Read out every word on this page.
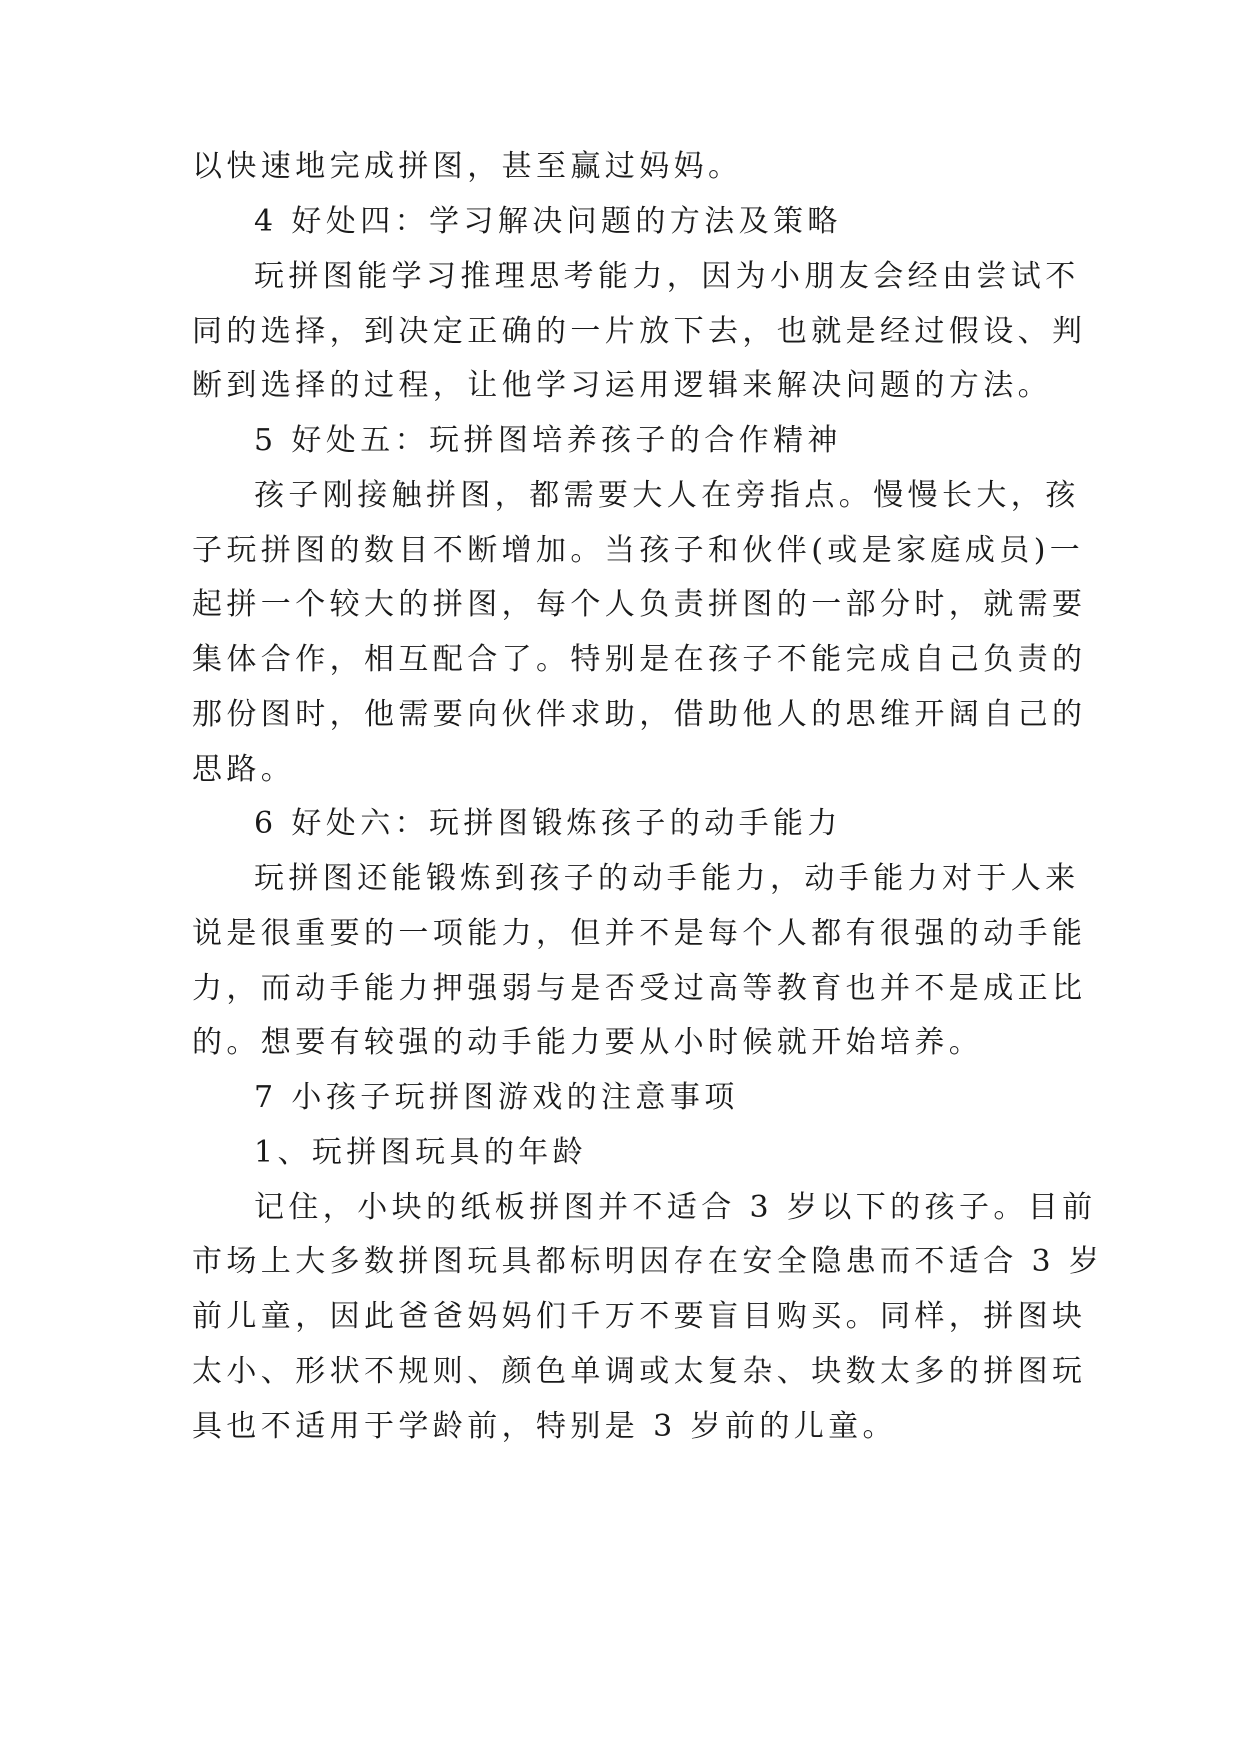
以快速地完成拼图，甚至赢过妈妈。
4 好处四：学习解决问题的方法及策略
玩拼图能学习推理思考能力，因为小朋友会经由尝试不
同的选择，到决定正确的一片放下去，也就是经过假设、判
断到选择的过程，让他学习运用逻辑来解决问题的方法。
5 好处五：玩拼图培养孩子的合作精神
孩子刚接触拼图，都需要大人在旁指点。慢慢长大，孩
子玩拼图的数目不断增加。当孩子和伙伴(或是家庭成员)一
起拼一个较大的拼图，每个人负责拼图的一部分时，就需要
集体合作，相互配合了。特别是在孩子不能完成自己负责的
那份图时，他需要向伙伴求助，借助他人的思维开阔自己的
思路。
6 好处六：玩拼图锻炼孩子的动手能力
玩拼图还能锻炼到孩子的动手能力，动手能力对于人来
说是很重要的一项能力，但并不是每个人都有很强的动手能
力，而动手能力押强弱与是否受过高等教育也并不是成正比
的。想要有较强的动手能力要从小时候就开始培养。
7 小孩子玩拼图游戏的注意事项
1、玩拼图玩具的年龄
记住，小块的纸板拼图并不适合 3 岁以下的孩子。目前
市场上大多数拼图玩具都标明因存在安全隐患而不适合 3 岁
前儿童，因此爸爸妈妈们千万不要盲目购买。同样，拼图块
太小、形状不规则、颜色单调或太复杂、块数太多的拼图玩
具也不适用于学龄前，特别是 3 岁前的儿童。
